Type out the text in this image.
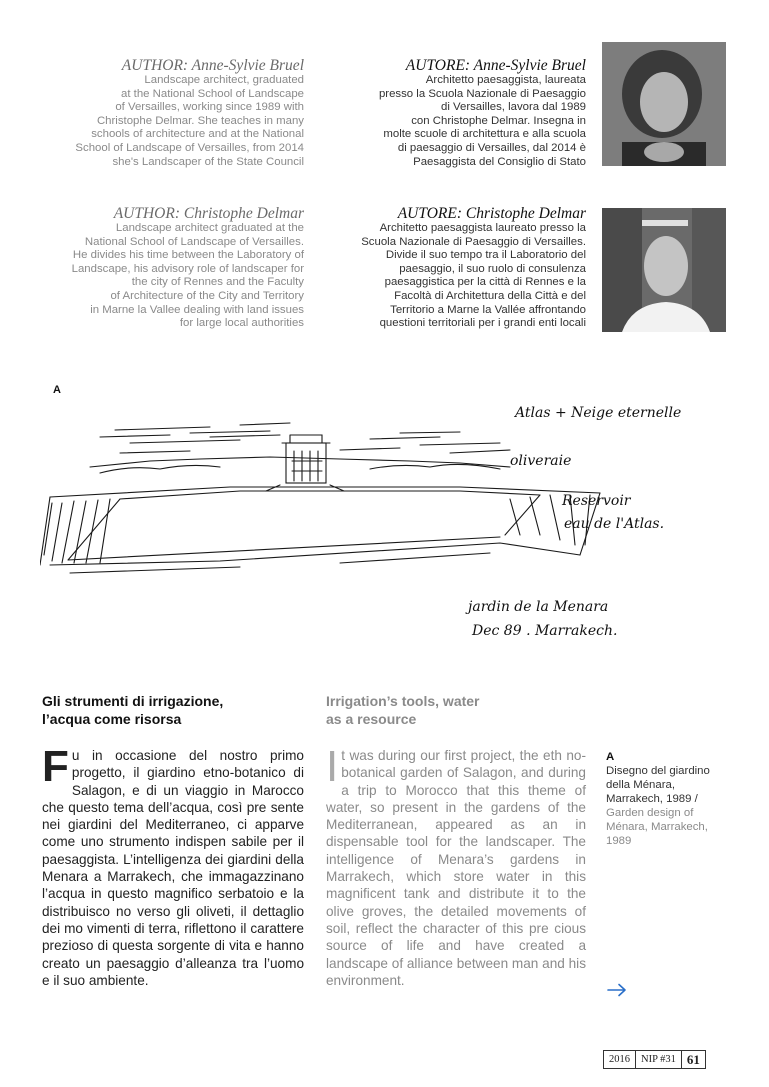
AUTHOR: Anne-Sylvie Bruel
Landscape architect, graduated
at the National School of Landscape
of Versailles, working since 1989 with
Christophe Delmar. She teaches in many
schools of architecture and at the National
School of Landscape of Versailles, from 2014
she's Landscaper of the State Council
AUTORE: Anne-Sylvie Bruel
Architetto paesaggista, laureata
presso la Scuola Nazionale di Paesaggio
di Versailles, lavora dal 1989
con Christophe Delmar. Insegna in
molte scuole di architettura e alla scuola
di paesaggio di Versailles, dal 2014 è
Paesaggista del Consiglio di Stato
AUTHOR: Christophe Delmar
Landscape architect graduated at the
National School of Landscape of Versailles.
He divides his time between the Laboratory of
Landscape, his advisory role of landscaper for
the city of Rennes and the Faculty
of Architecture of the City and Territory
in Marne la Vallee dealing with land issues
for large local authorities
AUTORE: Christophe Delmar
Architetto paesaggista laureato presso la
Scuola Nazionale di Paesaggio di Versailles.
Divide il suo tempo tra il Laboratorio del
paesaggio, il suo ruolo di consulenza
paesaggistica per la città di Rennes e la
Facoltà di Architettura della Città e del
Territorio a Marne la Vallée affrontando
questioni territoriali per i grandi enti locali
A
Atlas + Neige eternelle
oliveraie
Reservoir
eau de l'Atlas.
jardin de la Menara
Dec 89 . Marrakech.
Gli strumenti di irrigazione,
l’acqua come risorsa
Irrigation’s tools, water
as a resource
F u in occasione del nostro primo progetto, il giardino etno-botanico di Salagon, e di un viaggio in Marocco che questo tema dell’acqua, così pre sente nei giardini del Mediterraneo, ci apparve come uno strumento indispen sabile per il paesaggista. L’intelligenza dei giardini della Menara a Marrakech, che immagazzinano l’acqua in questo magnifico serbatoio e la distribuisco no verso gli oliveti, il dettaglio dei mo vimenti di terra, riflettono il carattere prezioso di questa sorgente di vita e hanno creato un paesaggio d’alleanza tra l’uomo e il suo ambiente.
I t was during our first project, the eth no-botanical garden of Salagon, and during a trip to Morocco that this theme of water, so present in the gardens of the Mediterranean, appeared as an in dispensable tool for the landscaper. The intelligence of Menara’s gardens in Marrakech, which store water in this magnificent tank and distribute it to the olive groves, the detailed movements of soil, reflect the character of this pre cious source of life and have created a landscape of alliance between man and his environment.
A
Disegno del giardino
della Ménara,
Marrakech, 1989 /
Garden design of
Ménara, Marrakech,
1989
2016	NIP #31 61
